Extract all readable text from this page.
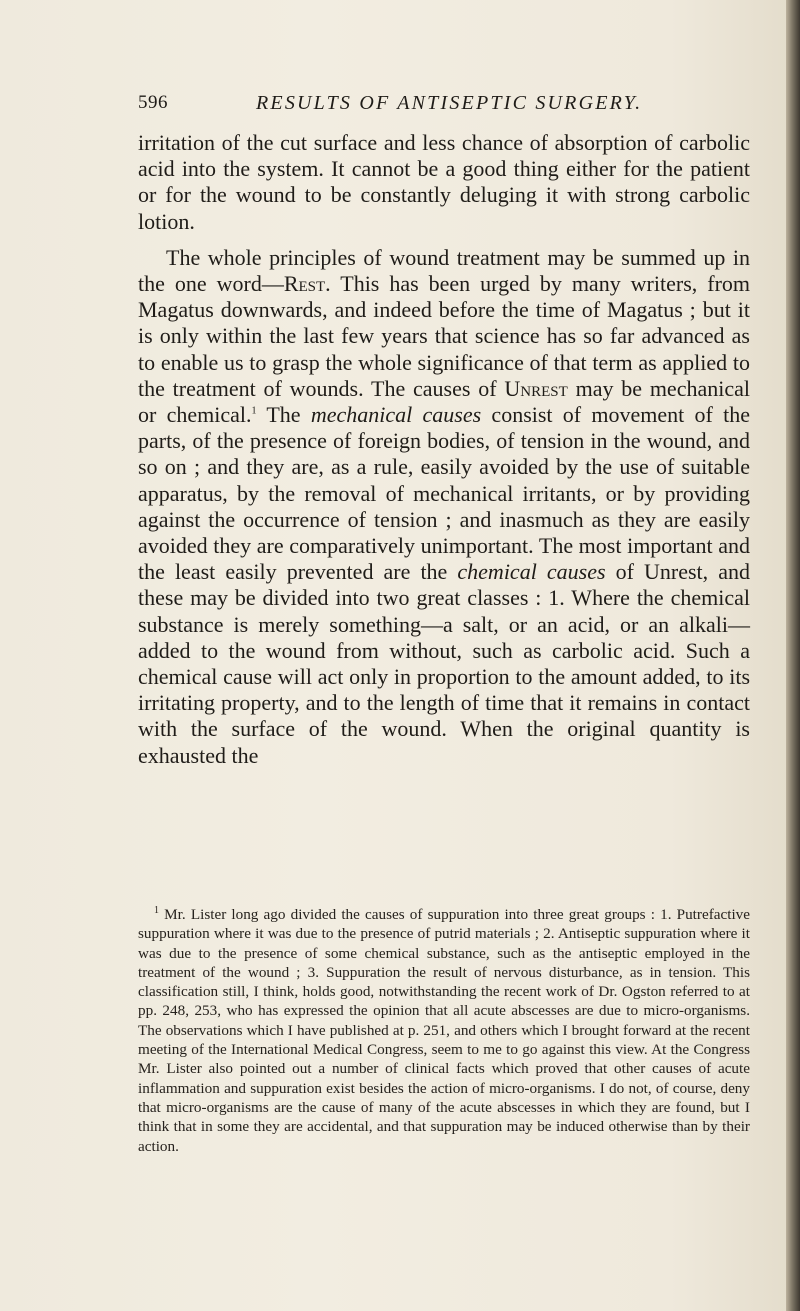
596	RESULTS OF ANTISEPTIC SURGERY.

irritation of the cut surface and less chance of absorption of carbolic acid into the system. It cannot be a good thing either for the patient or for the wound to be constantly deluging it with strong carbolic lotion.

The whole principles of wound treatment may be summed up in the one word—Rest. This has been urged by many writers, from Magatus downwards, and indeed before the time of Magatus ; but it is only within the last few years that science has so far advanced as to enable us to grasp the whole significance of that term as applied to the treatment of wounds. The causes of Unrest may be mechanical or chemical.$^1$ The mechanical causes consist of movement of the parts, of the presence of foreign bodies, of tension in the wound, and so on ; and they are, as a rule, easily avoided by the use of suitable apparatus, by the removal of mechanical irritants, or by providing against the occurrence of tension ; and inasmuch as they are easily avoided they are comparatively unimportant. The most important and the least easily prevented are the chemical causes of Unrest, and these may be divided into two great classes : 1. Where the chemical substance is merely something—a salt, or an acid, or an alkali—added to the wound from without, such as carbolic acid. Such a chemical cause will act only in proportion to the amount added, to its irritating property, and to the length of time that it remains in contact with the surface of the wound. When the original quantity is exhausted the

$^1$ Mr. Lister long ago divided the causes of suppuration into three great groups : 1. Putrefactive suppuration where it was due to the presence of putrid materials ; 2. Antiseptic suppuration where it was due to the presence of some chemical substance, such as the antiseptic employed in the treatment of the wound ; 3. Suppuration the result of nervous disturbance, as in tension. This classification still, I think, holds good, notwithstanding the recent work of Dr. Ogston referred to at pp. 248, 253, who has expressed the opinion that all acute abscesses are due to micro-organisms. The observations which I have published at p. 251, and others which I brought forward at the recent meeting of the International Medical Congress, seem to me to go against this view. At the Congress Mr. Lister also pointed out a number of clinical facts which proved that other causes of acute inflammation and suppuration exist besides the action of micro-organisms. I do not, of course, deny that micro-organisms are the cause of many of the acute abscesses in which they are found, but I think that in some they are accidental, and that suppuration may be induced otherwise than by their action.
